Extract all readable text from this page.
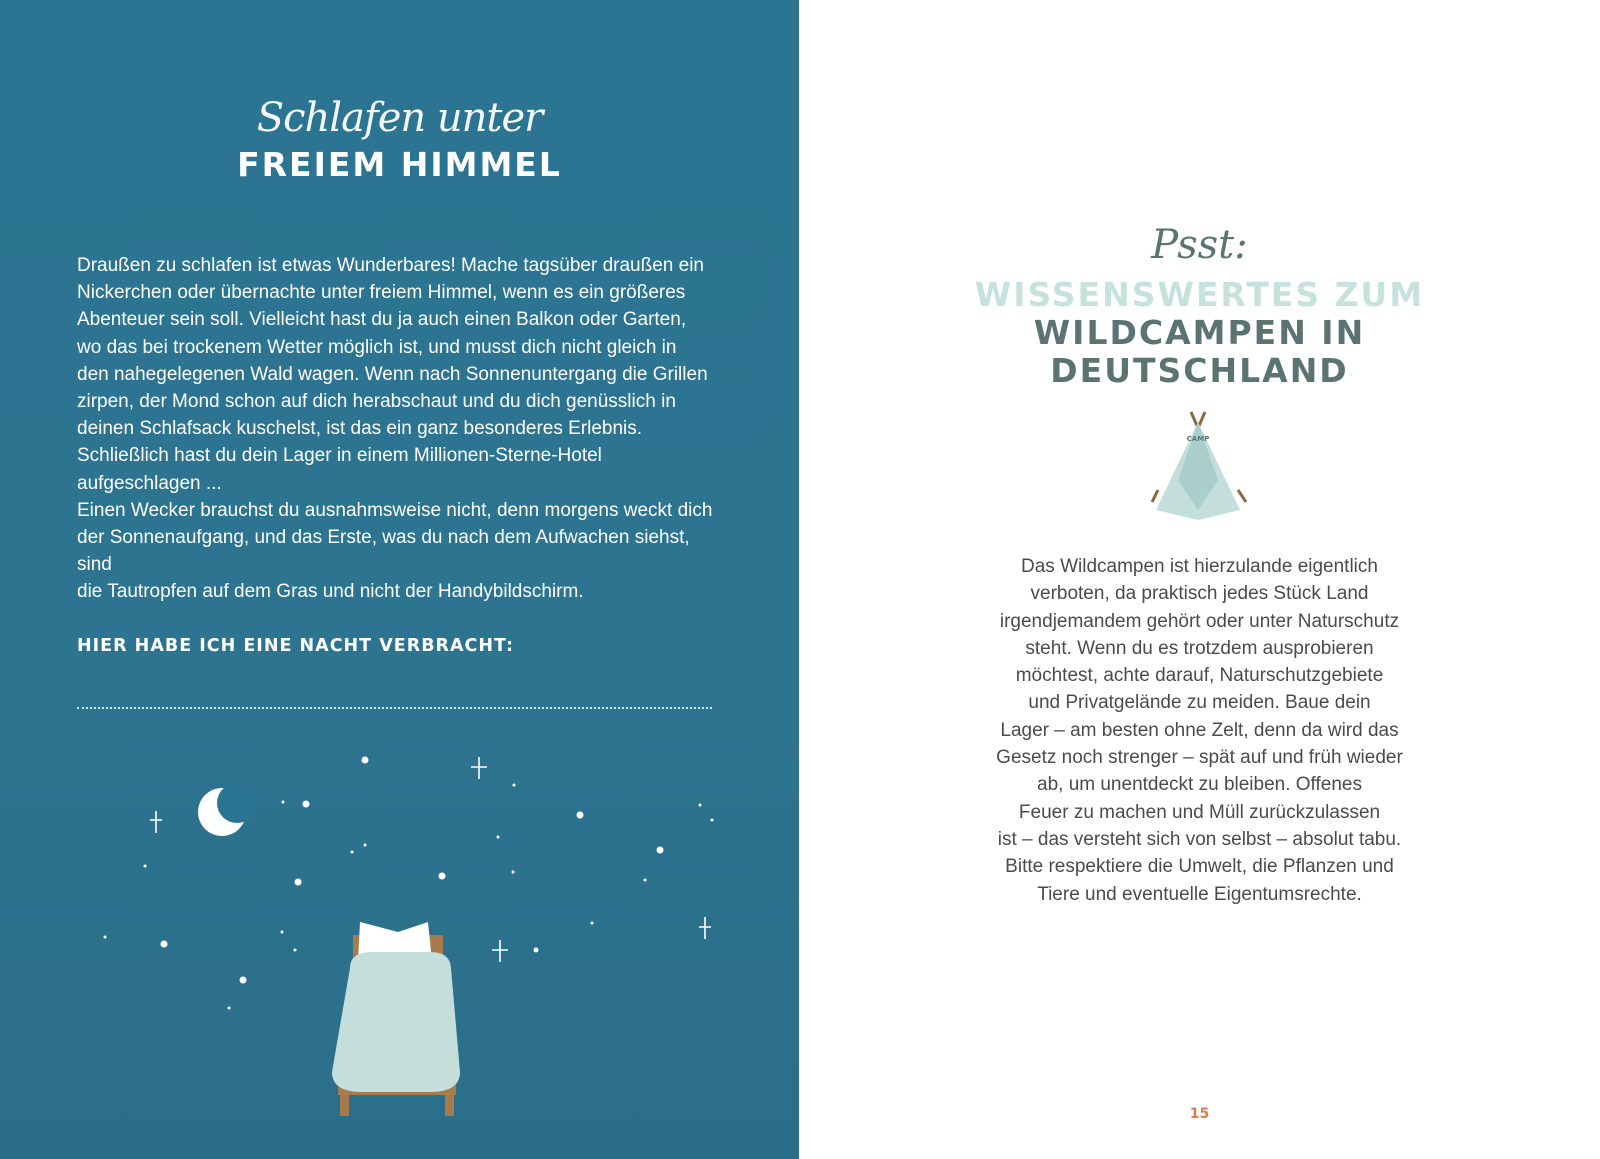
Schlafen unter
FREIEM HIMMEL

Draußen zu schlafen ist etwas Wunderbares! Mache tagsüber draußen ein

Nickerchen oder übernachte unter freiem Himmel, wenn es ein größeres

Abenteuer sein soll. Vielleicht hast du ja auch einen Balkon oder Garten,

wo das bei trockenem Wetter möglich ist, und musst dich nicht gleich in

den nahegelegenen Wald wagen. Wenn nach Sonnenuntergang die Grillen

zirpen, der Mond schon auf dich herabschaut und du dich genüsslich in

deinen Schlafsack kuschelst, ist das ein ganz besonderes Erlebnis.

Schließlich hast du dein Lager in einem Millionen-Sterne-Hotel

aufgeschlagen ...

Einen Wecker brauchst du ausnahmsweise nicht, denn morgens weckt dich

der Sonnenaufgang, und das Erste, was du nach dem Aufwachen siehst, sind

die Tautropfen auf dem Gras und nicht der Handybildschirm.

HIER HABE ICH EINE NACHT VERBRACHT:
Psst:
WISSENSWERTES ZUM
WILDCAMPEN IN
DEUTSCHLAND
CAMP

Das Wildcampen ist hierzulande eigentlich

verboten, da praktisch jedes Stück Land

irgendjemandem gehört oder unter Naturschutz

steht. Wenn du es trotzdem ausprobieren

möchtest, achte darauf, Naturschutzgebiete

und Privatgelände zu meiden. Baue dein

Lager – am besten ohne Zelt, denn da wird das

Gesetz noch strenger – spät auf und früh wieder

ab, um unentdeckt zu bleiben. Offenes

Feuer zu machen und Müll zurückzulassen

ist – das versteht sich von selbst – absolut tabu.

Bitte respektiere die Umwelt, die Pflanzen und

Tiere und eventuelle Eigentumsrechte.

15
